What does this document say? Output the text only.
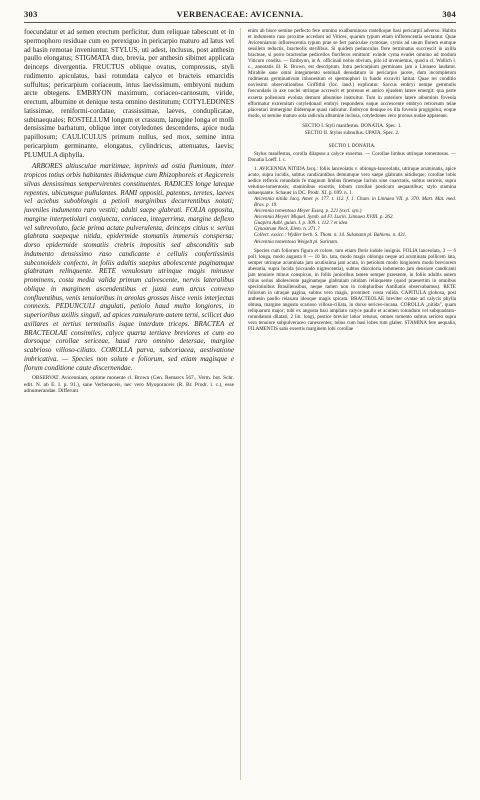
303	VERBENACEAE: AVICENNIA.	304

foecundatur et ad semen erectum perficitur, dum reliquae tabescunt et in spermophoro residuae cum eo perexiguo in pericarpio maturo ad latus vel ad basin remotae inveniuntur. STYLUS, uti adest, inclusus, post anthesin paullo elongatus; STIGMATA duo, brevia, per anthesin sibimet applicata deinceps divergentia. FRUCTUS oblique ovatus, compressus, styli rudimento apiculatus, basi rotundata calyce et bracteis emarcidis suffultus; pericarpium coriaceum, intus laevissimum, embryoni nudum arcte obtegens. EMBRYON maximum, coriaceo-carnosum, viride, erectum, albumine et denique testa omnino destitutum; COTYLEDONES latissimae, reniformi-cordatae, crassissimae, laeves, conduplicatae, subinaequales; ROSTELLUM longum et crassum, lanugine longa et molli densissime barbatum, oblique inter cotyledones descendens, apice nuda papillosum; CAULICULUS primum nullus, sed mox, semine intra pericarpium germinante, elongatus, cylindricus, attenuatus, laevis; PLUMULA diphylla.

ARBORES altiusculae maritimae, inprimis ad ostia fluminum, inter tropicos totius orbis habitantes ibidemque cum Rhizophoreis et Aegicereis silvas densissimas sempervirentes constituentes. RADICES longe lateque repentes, ubicumque pullulantes. RAMI oppositi, patentes, teretes, laeves vel aciebus suboblongis a petioli marginibus decurrentibus notati; juveniles indumento raro vestiti; adulti saepe glabrati. FOLIA opposita, margine interpetiolari conjuncta, coriacea, integerrima, margine deflexo vel subrevoluto, facie prima actate pulverulenta, deinceps citius v. serius glabrata saepeque nitida, epidermide stomatiis immersis conspersa; dorso epidermide stomatiis crebris impositis sed absconditis sub indumento densissimo raso candicante e cellulis confertissimis subconoideis confecto, in foliis adultis saepius abolescente paginamque glabratam relinquente. RETE venulosum utrinque magis minusve prominens, costa media valida primum calvescente, nervis lateralibus oblique in marginem ascendentibus et juxta eum arcus convexo confluentibus, venis tenuioribus in areolas grossas hisce venis interjectas connexis. PEDUNCULI angulati, petiolo haud multo longiores, in superioribus axillis singuli, ad apices ramulorum autem terni, scilicet duo axillares et tertius terminalis isque interdum triceps. BRACTEA et BRACTEOLAE consimiles, calyce quarta tertiave breviores et cum eo dorsoque corollae sericeae, haud raro omnino detersae, margine scabrioso villoso-ciliato. COROLLA parva, subcoriacea, aestivatione imbricativa. — Species non solum e foliorum, sed etiam magisque e florum conditione caute discernendae.

OBSERVAT. Avicenniam, optime monente cl. Brown (Gen. Remarcs 567., Verm. bot. Schr. edit. N. ab E. I. p. 91.), sane Verbenaceis, nec vero Myoporaceis (R. Br. Prodr. l. c.), esse adnumerandae. Differunt

enim ab hisce semine perfecto fere omnino exalbuminoso rostelloque basi pericarpii adverso. Habitu et indumento raso proxime accedunt ad Vitices, quarum typum etiam inflorescentia sectantur. Quae Avicenniarum inflorescentia typum prae se fert paniculae cymosae, cymis ad unum florem eumque sessilem reductis, bracteolis sterilibus. Si quidem pedunculus flore terminatus succrescit in axilla bracteae, si porro bracteolae pedicellos floriferos emittunt: exinde cyma evadet omnino ad modum Viticum condita. — Embryon, in A. officinali nobis obvium, pilo id inveniemus, quod a cl. Wallich l. c., annotatis ill. R. Brown, est descriptum. Intra pericarpium germinans jam a Linnaeo laudatur. Mirabile sane omni integumento seminali denudatum in pericarpio jacere, dum incompletum rudimenta germinativum inhonestum et spermophori in fundo excaviti latitat. Quae rei conditio novissimi observationibus Griffithii (loc. laud.) explicatur. Saccus embryi nempe gemmulis foecundatis in axe nuclei utrinque accrescit et protenus et antico ejusdem latere emergit: qua parte exserta pollenium evoluta demum albumine instruitur. Tum in anteriore latere albuminis foveola efformatur extremitati cotyledonari embryi respondens eaque accrescente embryo retrorsum telae placentari immergitur ibidemque quasi radicatur. Embryon denique ex illa foveola progignitur, eoque modo, ut semine maturo sola radicula albumine inclusa, cotyledones vero prorsus nudae appareant.

SECTIO I. Styli manifestus. DONATIA. Spec. 1.

SECTIO II. Stylus subnullus. UPATA. Spec. 2.

SECTIO I. DONATIA.

Stylus manifestus, corolla dilapsus a calyce exsertus. — Corollae limbus utrinque tomentosus. — Donatia Loeff. l. c.

1. AVICENNIA NITIDA Jacq.: foliis lanceolatis v. oblongo-lanceolatis, utrinque acuminatis, apice acuto, supra lucidis, subtus candicantibus demumque vero saepe glabratis nitidisque; corollae lobis aedice reflexis rotundatis fe magnum limbus finemque lacinis sine coarctatis, subtus sericeis, supra velutino-tomentosis; staminibus exsertis, lobum corollae posticum aequantibus; stylo stamina subaequante. Schauer in DC. Prodr. XI. p. 699. n. 1.

Avicennia nitida Jacq. Amer. p. 177. t. 112. f. 1. Cham. in Linnaea VII. p. 370. Mart. Mat. med. Bras. p. 19.

Avicennia tomentosa Meyer Esseq. p. 221 (excl. syn.)

Avicennia Meyeri Miquel. Symb. ad Fl. Lucin. Linnaea XVIII. p. 262.

Guapira Aubl. guian. I. p. 309. t. 112.? et idea

Gynastrum Neck. Elem. n. 371.?

Collect. exsicc.: Wydler herb. S. Thom. n. 14. Sulsmann pl. Bahiens. n. 431.

Avicennia tomentosa Weigelt pl. Surinam.

Species cum foliorum figura et colore, tum etiam floris indole insignis. FOLIA lanceolata, 3 — 6 poll. longa, modo angusta 8 — 10 lin. lata, modo magis oblonga neque ad acuminata pollicem lata, semper utrinque acuminata jam acutissima jam acuta, in petiolum modo longiorem modo breviorem abeuntia, supra lucida (siccando nigrescentia), subtus discoloria indumento jam densiore candicanti jam tenuiore minus conspicuo, in foliis junioribus tamen semper praesente, in foliis adultis autem citius serius abolescente paginamque glabratam nitidam relinquente (quod praesertim in omnibus speciminibus Brasiliensibus, neque tamen non in compluribus Antillanis observabamus). RETE foliorum in utraque pagina, subtus vero magis, prominet: costa valida. CAPITULA globosa, post anthesin paullo relaxata ideoque magis spicata. BRACTEOLAE breviter ovatae ad calycis phylla obtusa, margine angusto scarioso villoso-ciliata, in dorso sericeo-incana. COROLLA „nitida", quam reliquarum major; tubi ex angusta basi ampliato calyce paullo et acumen rotundum vel subquadrato-rotundatum dilatati, 2 lin. longi, postice brevior latior retusus, omnes tomento subtus sericeo supra vero tenuiore subpulveraceo canescentes; tubus cum basi lobes rum glaber. STAMINA fere aequalia, FILAMENTIS satis exsertis marginem lobi corollae
